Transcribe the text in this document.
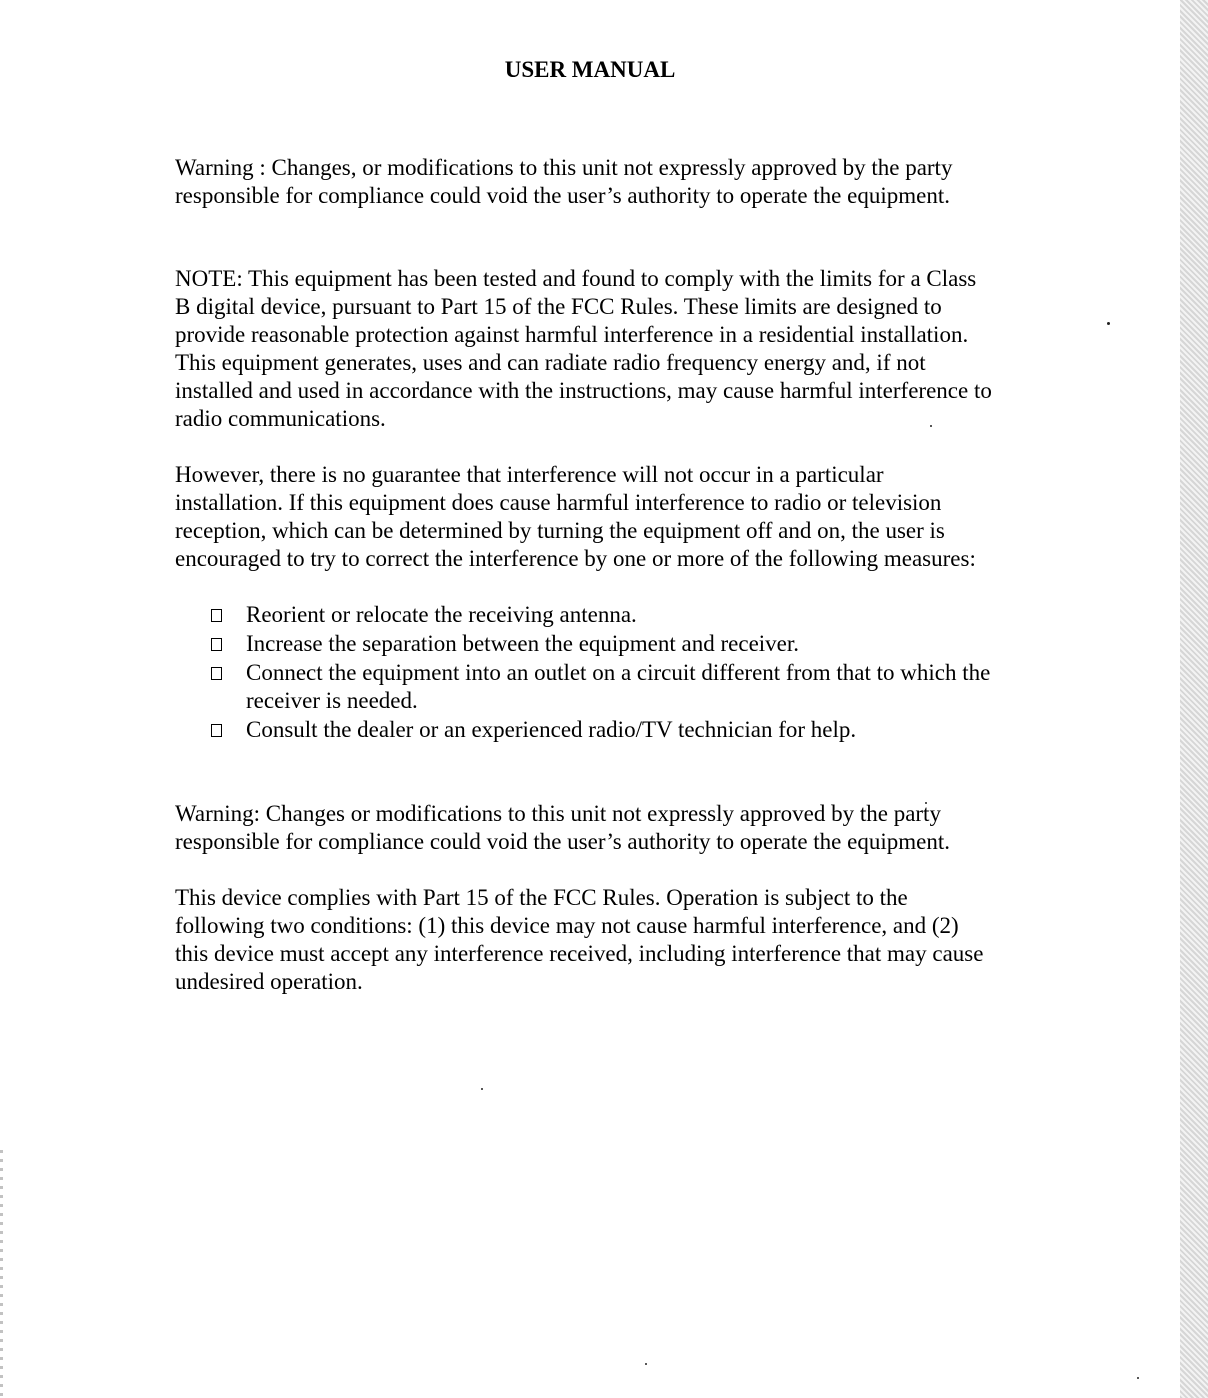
USER MANUAL

Warning : Changes, or modifications to this unit not expressly approved by the party responsible for compliance could void the user’s authority to operate the equipment.

NOTE: This equipment has been tested and found to comply with the limits for a Class B digital device, pursuant to Part 15 of the FCC Rules. These limits are designed to provide reasonable protection against harmful interference in a residential installation. This equipment generates, uses and can radiate radio frequency energy and, if not installed and used in accordance with the instructions, may cause harmful interference to radio communications.

However, there is no guarantee that interference will not occur in a particular installation. If this equipment does cause harmful interference to radio or television reception, which can be determined by turning the equipment off and on, the user is encouraged to try to correct the interference by one or more of the following measures:

Reorient or relocate the receiving antenna.
Increase the separation between the equipment and receiver.
Connect the equipment into an outlet on a circuit different from that to which the receiver is needed.
Consult the dealer or an experienced radio/TV technician for help.

Warning: Changes or modifications to this unit not expressly approved by the party responsible for compliance could void the user’s authority to operate the equipment.

This device complies with Part 15 of the FCC Rules. Operation is subject to the following two conditions: (1) this device may not cause harmful interference, and (2) this device must accept any interference received, including interference that may cause undesired operation.
